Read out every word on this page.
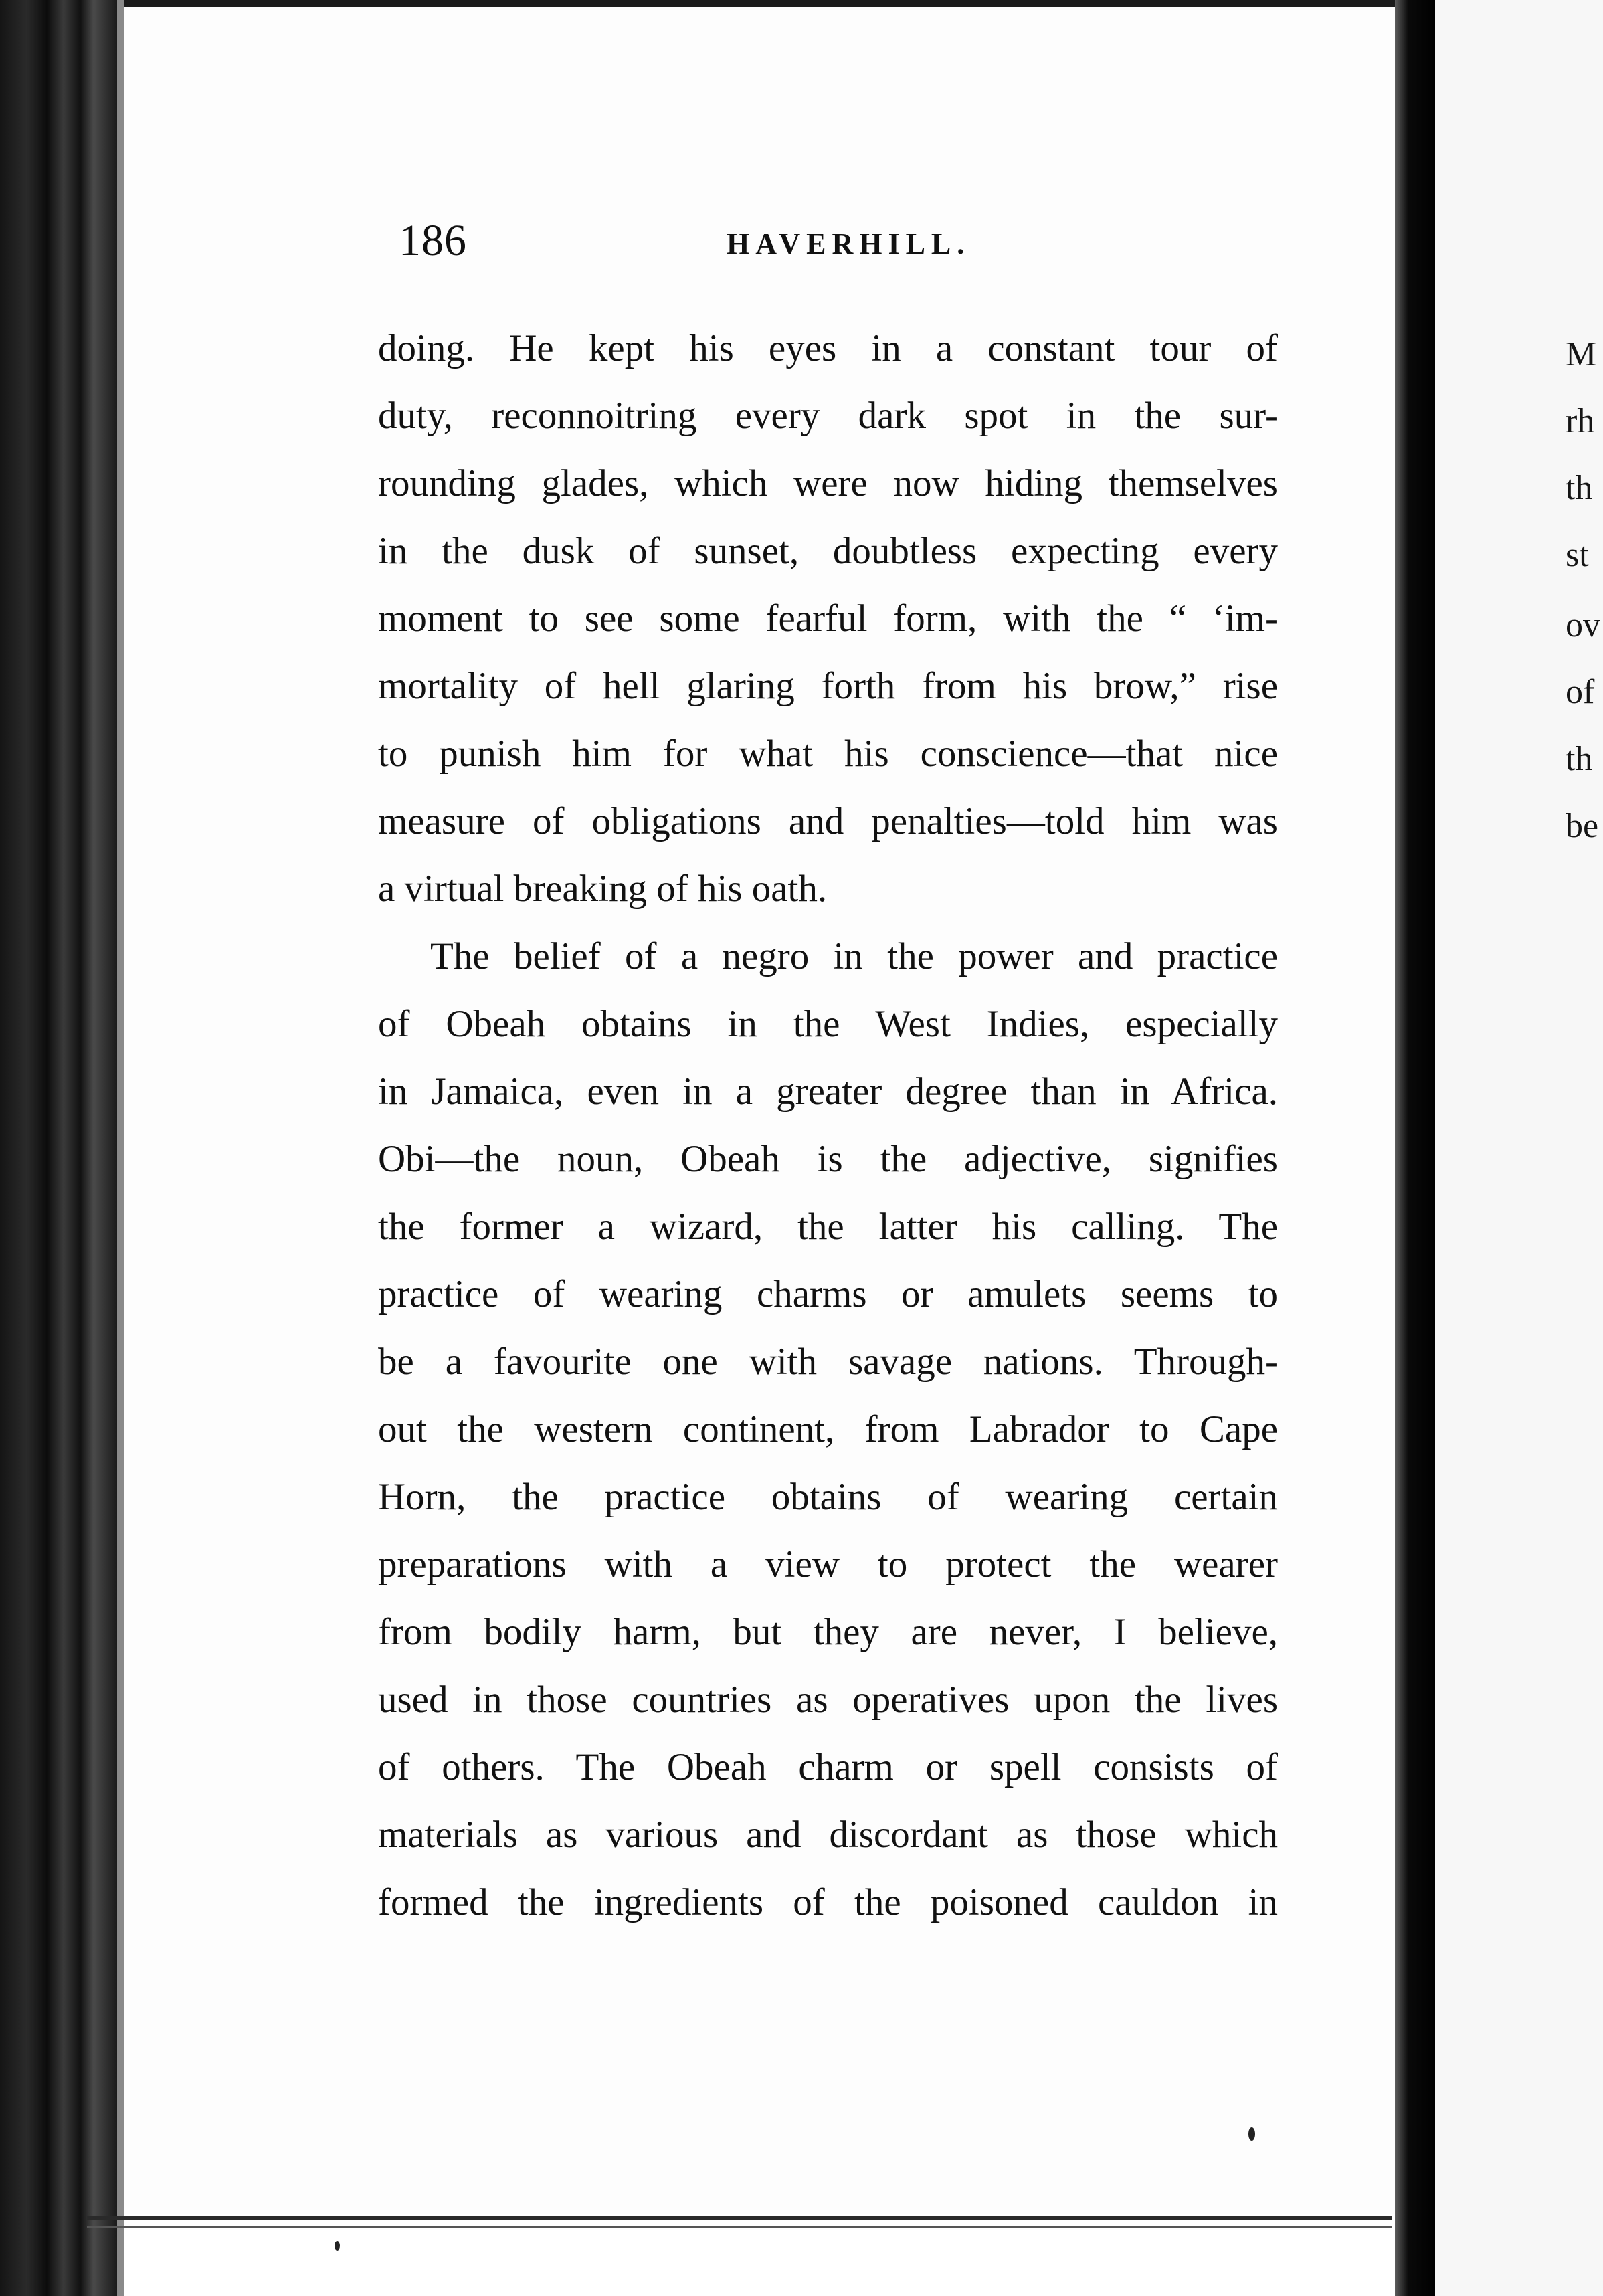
186	HAVERHILL.
doing. He kept his eyes in a constant tour of
duty, reconnoitring every dark spot in the sur-
rounding glades, which were now hiding themselves
in the dusk of sunset, doubtless expecting every
moment to see some fearful form, with the “ ‘im-
mortality of hell glaring forth from his brow,” rise
to punish him for what his conscience—that nice
measure of obligations and penalties—told him was
a virtual breaking of his oath.
The belief of a negro in the power and practice
of Obeah obtains in the West Indies, especially
in Jamaica, even in a greater degree than in Africa.
Obi—the noun, Obeah is the adjective, signifies
the former a wizard, the latter his calling. The
practice of wearing charms or amulets seems to
be a favourite one with savage nations. Through-
out the western continent, from Labrador to Cape
Horn, the practice obtains of wearing certain
preparations with a view to protect the wearer
from bodily harm, but they are never, I believe,
used in those countries as operatives upon the lives
of others. The Obeah charm or spell consists of
materials as various and discordant as those which
formed the ingredients of the poisoned cauldon in
M
rh
th
st
ov
of
th
be
